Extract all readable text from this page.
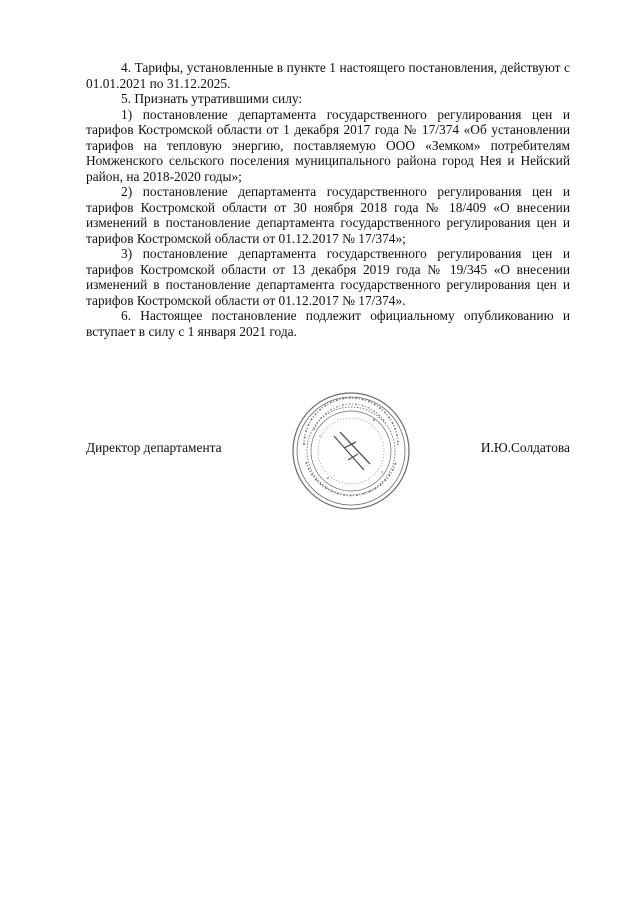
4. Тарифы, установленные в пункте 1 настоящего постановления, действуют с 01.01.2021 по 31.12.2025.

5. Признать утратившими силу:

1) постановление департамента государственного регулирования цен и тарифов Костромской области от 1 декабря 2017 года № 17/374 «Об установлении тарифов на тепловую энергию, поставляемую ООО «Земком» потребителям Номженского сельского поселения муниципального района город Нея и Нейский район, на 2018-2020 годы»;

2) постановление департамента государственного регулирования цен и тарифов Костромской области от 30 ноября 2018 года № 18/409 «О внесении изменений в постановление департамента государственного регулирования цен и тарифов Костромской области от 01.12.2017 № 17/374»;

3) постановление департамента государственного регулирования цен и тарифов Костромской области от 13 декабря 2019 года № 19/345 «О внесении изменений в постановление департамента государственного регулирования цен и тарифов Костромской области от 01.12.2017 № 17/374».

6. Настоящее постановление подлежит официальному опубликованию и вступает в силу с 1 января 2021 года.

Директор департамента	И.Ю.Солдатова
